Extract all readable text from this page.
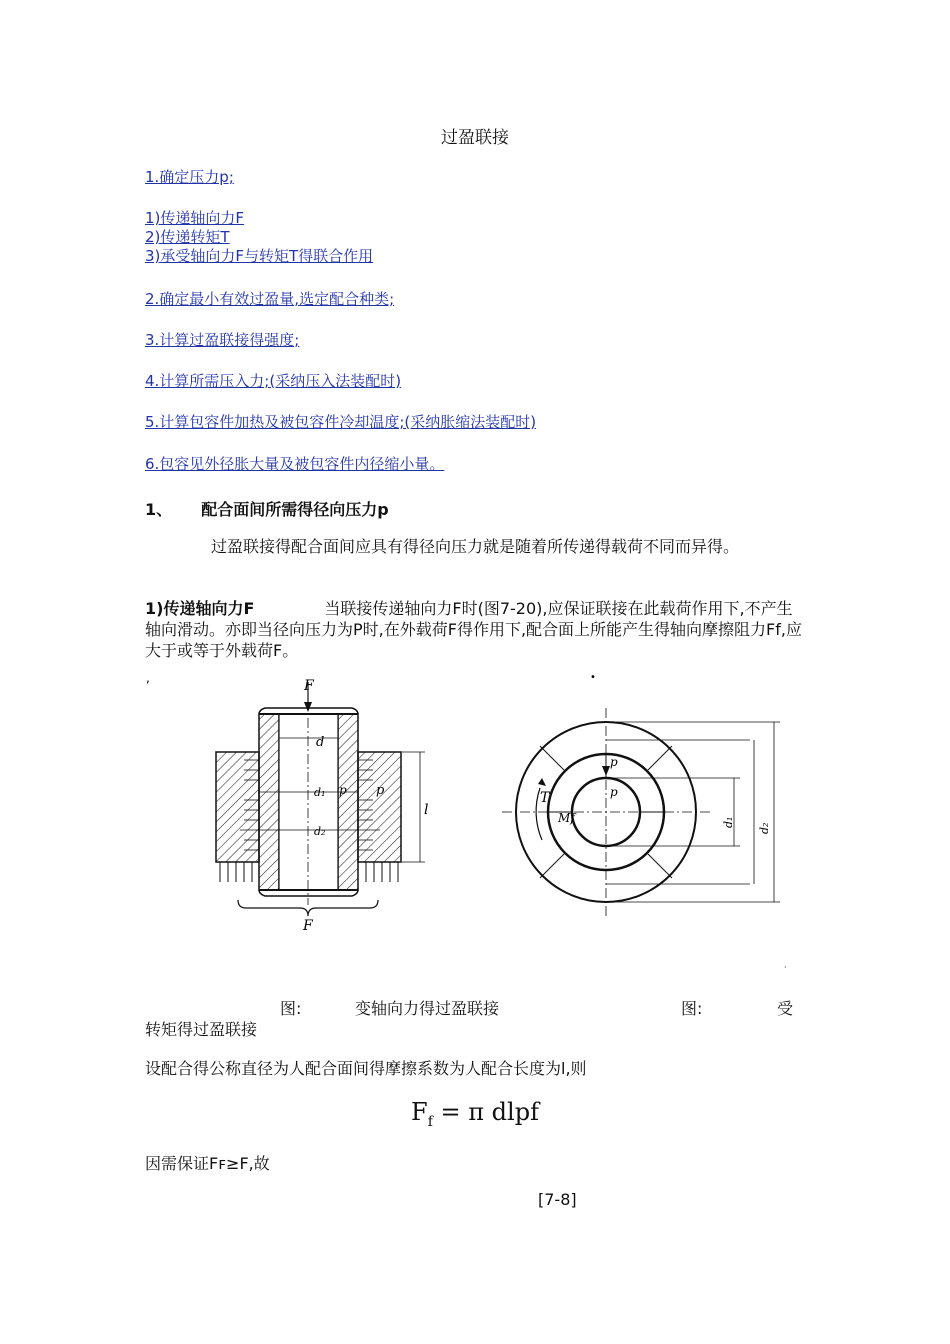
过盈联接
1.确定压力p;
1)传递轴向力F
2)传递转矩T
3)承受轴向力F与转矩T得联合作用
2.确定最小有效过盈量,选定配合种类;
3.计算过盈联接得强度;
4.计算所需压入力;(采纳压入法装配时)
5.计算包容件加热及被包容件冷却温度;(采纳胀缩法装配时)
6.包容见外径胀大量及被包容件内径缩小量。
1、 配合面间所需得径向压力p
过盈联接得配合面间应具有得径向压力就是随着所传递得载荷不同而异得。
1)传递轴向力F	当联接传递轴向力F时(图7-20),应保证联接在此载荷作用下,不产生轴向滑动。亦即当径向压力为P时,在外载荷F得作用下,配合面上所能产生得轴向摩擦阻力Ff,应大于或等于外载荷F。
,	•
F
d
d₁ p p
d₂
l
F
p
p
T
Mf	d₁
d₂
·
图:	变轴向力得过盈联接	图:	受
转矩得过盈联接
设配合得公称直径为人配合面间得摩擦系数为人配合长度为l,则
$F_f = \pi$ dlpf
因需保证Fꜰ≥F,故
[7-8]
